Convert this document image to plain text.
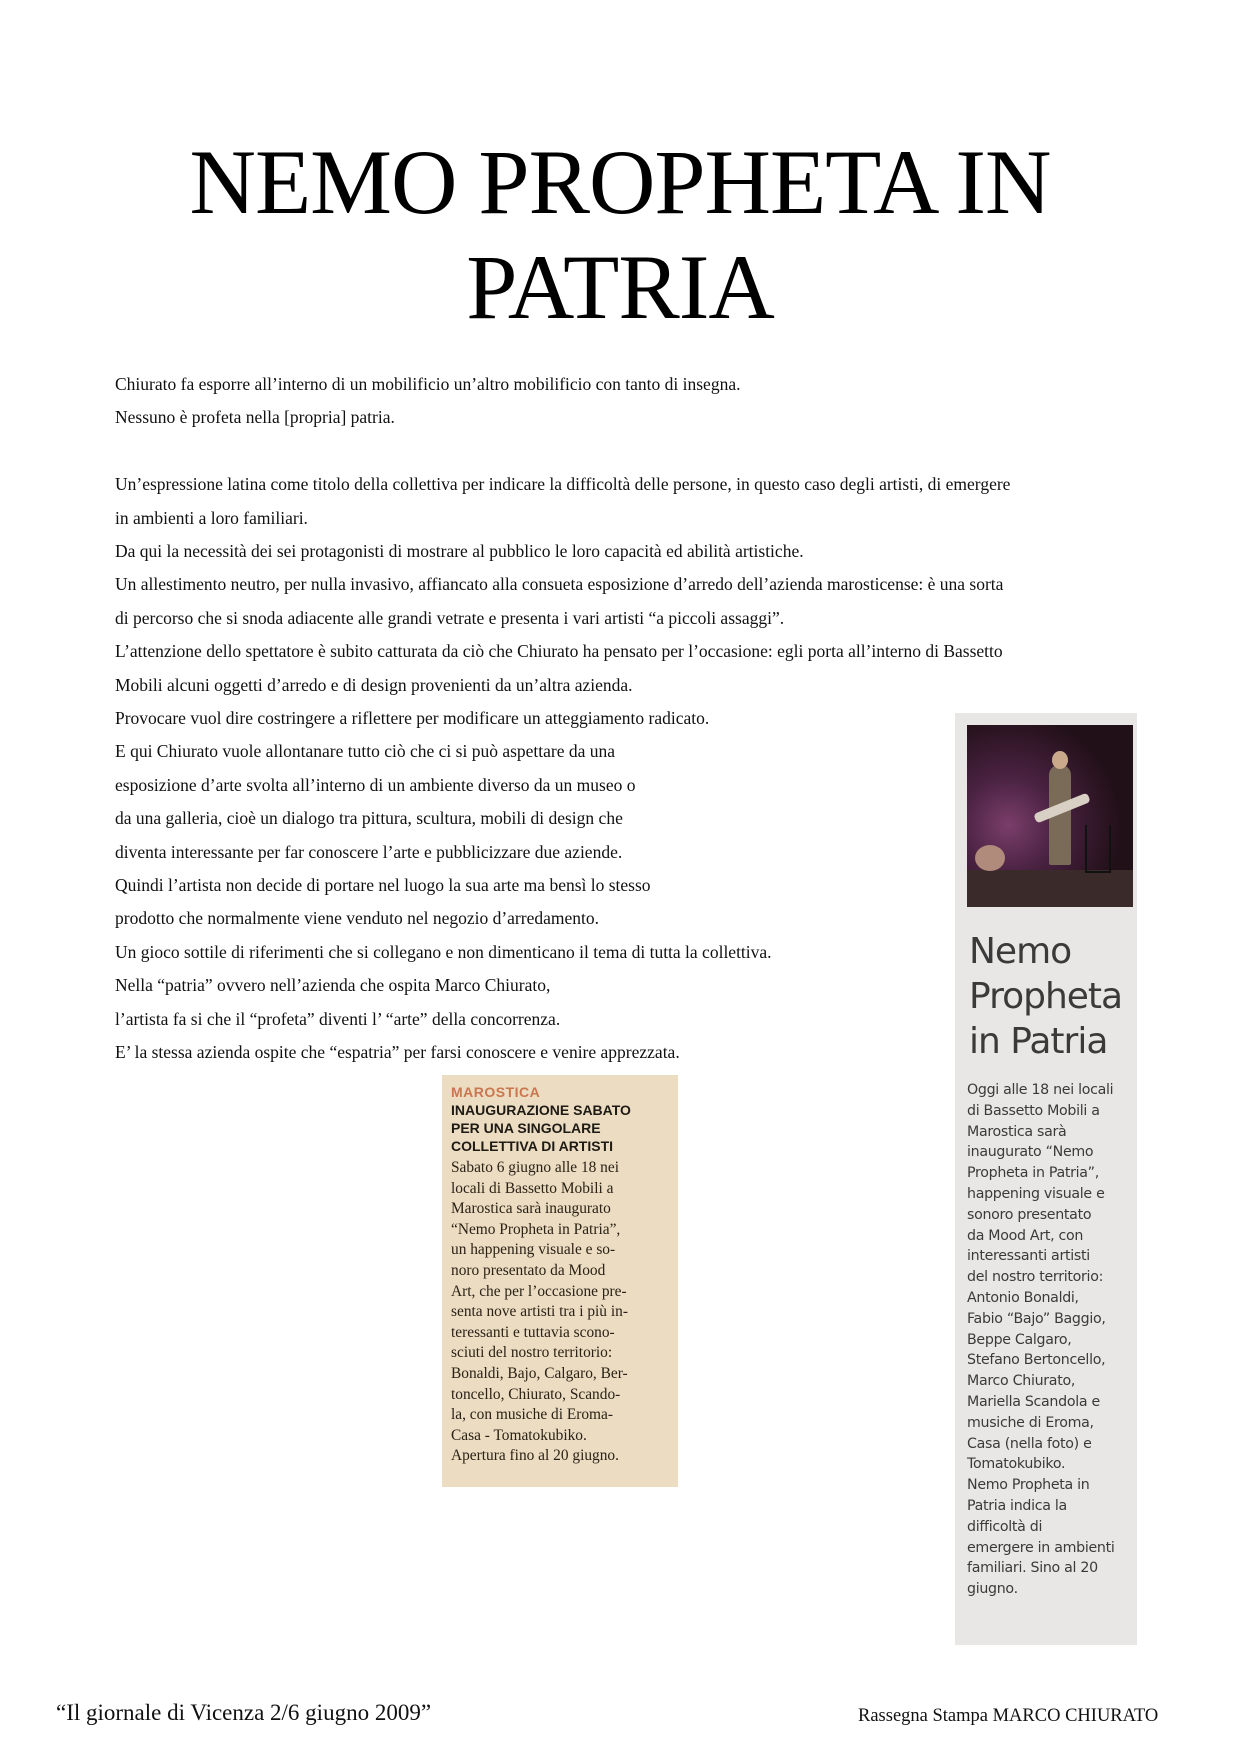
NEMO PROPHETA IN PATRIA

Chiurato fa esporre all’interno di un mobilificio un’altro mobilificio con tanto di insegna.

Nessuno è profeta nella [propria] patria.

Un’espressione latina come titolo della collettiva per indicare la difficoltà delle persone, in questo caso degli artisti, di emergere

in ambienti a loro familiari.

Da qui la necessità dei sei protagonisti di mostrare al pubblico le loro capacità ed abilità artistiche.

Un allestimento neutro, per nulla invasivo, affiancato alla consueta esposizione d’arredo dell’azienda marosticense: è una sorta

di percorso che si snoda adiacente alle grandi vetrate e presenta i vari artisti “a piccoli assaggi”.

L’attenzione dello spettatore è subito catturata da ciò che Chiurato ha pensato per l’occasione: egli porta all’interno di Bassetto

Mobili alcuni oggetti d’arredo e di design provenienti da un’altra azienda.

Provocare vuol dire costringere a riflettere per modificare un atteggiamento radicato.

E qui Chiurato vuole allontanare tutto ciò che ci si può aspettare da una

esposizione d’arte svolta all’interno di un ambiente diverso da un museo o

da una galleria, cioè un dialogo tra pittura, scultura, mobili di design che

diventa interessante per far conoscere l’arte e pubblicizzare due aziende.

Quindi l’artista non decide di portare nel luogo la sua arte ma bensì lo stesso

prodotto che normalmente viene venduto nel negozio d’arredamento.

Un gioco sottile di riferimenti che si collegano e non dimenticano il tema di tutta la collettiva.

Nella “patria” ovvero nell’azienda che ospita Marco Chiurato,

l’artista fa si che il “profeta” diventi l’ “arte” della concorrenza.

E’ la stessa azienda ospite che “espatria” per farsi conoscere e venire apprezzata.

MAROSTICA
INAUGURAZIONE SABATO
PER UNA SINGOLARE
COLLETTIVA DI ARTISTI
Sabato 6 giugno alle 18 nei
locali di Bassetto Mobili a
Marostica sarà inaugurato
“Nemo Propheta in Patria”,
un happening visuale e so-
noro presentato da Mood
Art, che per l’occasione pre-
senta nove artisti tra i più in-
teressanti e tuttavia scono-
sciuti del nostro territorio:
Bonaldi, Bajo, Calgaro, Ber-
toncello, Chiurato, Scando-
la, con musiche di Eroma-
Casa - Tomatokubiko.
Apertura fino al 20 giugno.
Nemo
Propheta
in Patria
Oggi alle 18 nei locali
di Bassetto Mobili a
Marostica sarà
inaugurato “Nemo
Propheta in Patria”,
happening visuale e
sonoro presentato
da Mood Art, con
interessanti artisti
del nostro territorio:
Antonio Bonaldi,
Fabio “Bajo” Baggio,
Beppe Calgaro,
Stefano Bertoncello,
Marco Chiurato,
Mariella Scandola e
musiche di Eroma,
Casa (nella foto) e
Tomatokubiko.
Nemo Propheta in
Patria indica la
difficoltà di
emergere in ambienti
familiari. Sino al 20
giugno.
“Il giornale di Vicenza 2/6 giugno 2009”	Rassegna Stampa MARCO CHIURATO
